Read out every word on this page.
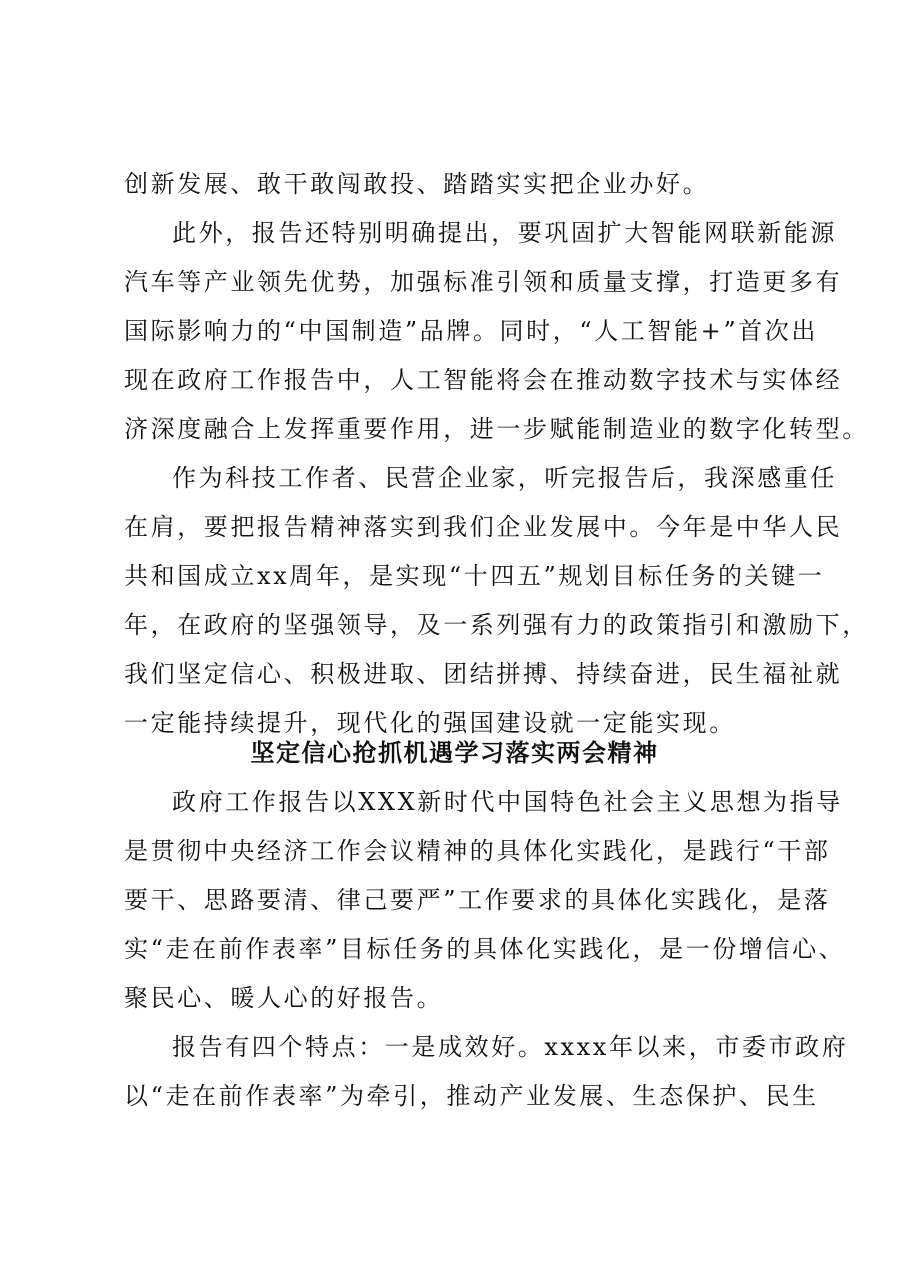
创新发展、敢干敢闯敢投、踏踏实实把企业办好。
此外，报告还特别明确提出，要巩固扩大智能网联新能源
汽车等产业领先优势，加强标准引领和质量支撑，打造更多有
国际影响力的“中国制造”品牌。同时，“人工智能+”首次出
现在政府工作报告中，人工智能将会在推动数字技术与实体经
济深度融合上发挥重要作用，进一步赋能制造业的数字化转型。
作为科技工作者、民营企业家，听完报告后，我深感重任
在肩，要把报告精神落实到我们企业发展中。今年是中华人民
共和国成立xx周年，是实现“十四五”规划目标任务的关键一
年，在政府的坚强领导，及一系列强有力的政策指引和激励下，
我们坚定信心、积极进取、团结拼搏、持续奋进，民生福祉就
一定能持续提升，现代化的强国建设就一定能实现。
坚定信心抢抓机遇学习落实两会精神
政府工作报告以XXX新时代中国特色社会主义思想为指导
是贯彻中央经济工作会议精神的具体化实践化，是践行“干部
要干、思路要清、律己要严”工作要求的具体化实践化，是落
实“走在前作表率”目标任务的具体化实践化，是一份增信心、
聚民心、暖人心的好报告。
报告有四个特点：一是成效好。xxxx年以来，市委市政府
以“走在前作表率”为牵引，推动产业发展、生态保护、民生
